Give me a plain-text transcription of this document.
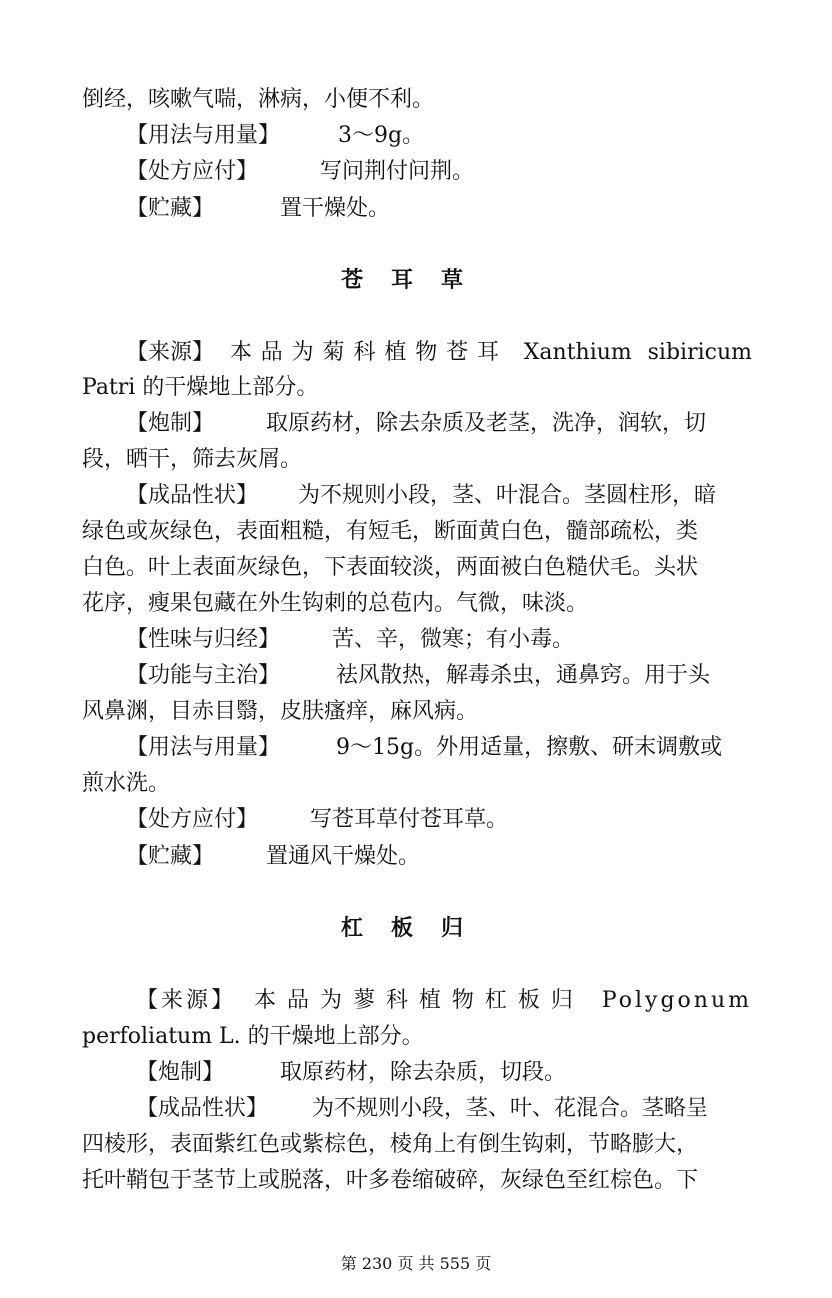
倒经，咳嗽气喘，淋病，小便不利。
【用法与用量】	3～9g。
【处方应付】	写问荆付问荆。
【贮藏】	置干燥处。
苍耳草
【来源】 本品为菊科植物苍耳 Xanthium sibiricum
Patri 的干燥地上部分。
【炮制】 取原药材，除去杂质及老茎，洗净，润软，切
段，晒干，筛去灰屑。
【成品性状】 为不规则小段，茎、叶混合。茎圆柱形，暗
绿色或灰绿色，表面粗糙，有短毛，断面黄白色，髓部疏松，类
白色。叶上表面灰绿色，下表面较淡，两面被白色糙伏毛。头状
花序，瘦果包藏在外生钩刺的总苞内。气微，味淡。
【性味与归经】 苦、辛，微寒；有小毒。
【功能与主治】	祛风散热，解毒杀虫，通鼻窍。用于头
风鼻渊，目赤目翳，皮肤瘙痒，麻风病。
【用法与用量】	9～15g。外用适量，擦敷、研末调敷或
煎水洗。
【处方应付】 写苍耳草付苍耳草。
【贮藏】 置通风干燥处。
杠板归
【来源】 本品为蓼科植物杠板归 Polygonum
perfoliatum L. 的干燥地上部分。
【炮制】	取原药材，除去杂质，切段。
【成品性状】 为不规则小段，茎、叶、花混合。茎略呈
四棱形，表面紫红色或紫棕色，棱角上有倒生钩刺，节略膨大，
托叶鞘包于茎节上或脱落，叶多卷缩破碎，灰绿色至红棕色。下
第 230 页 共 555 页
